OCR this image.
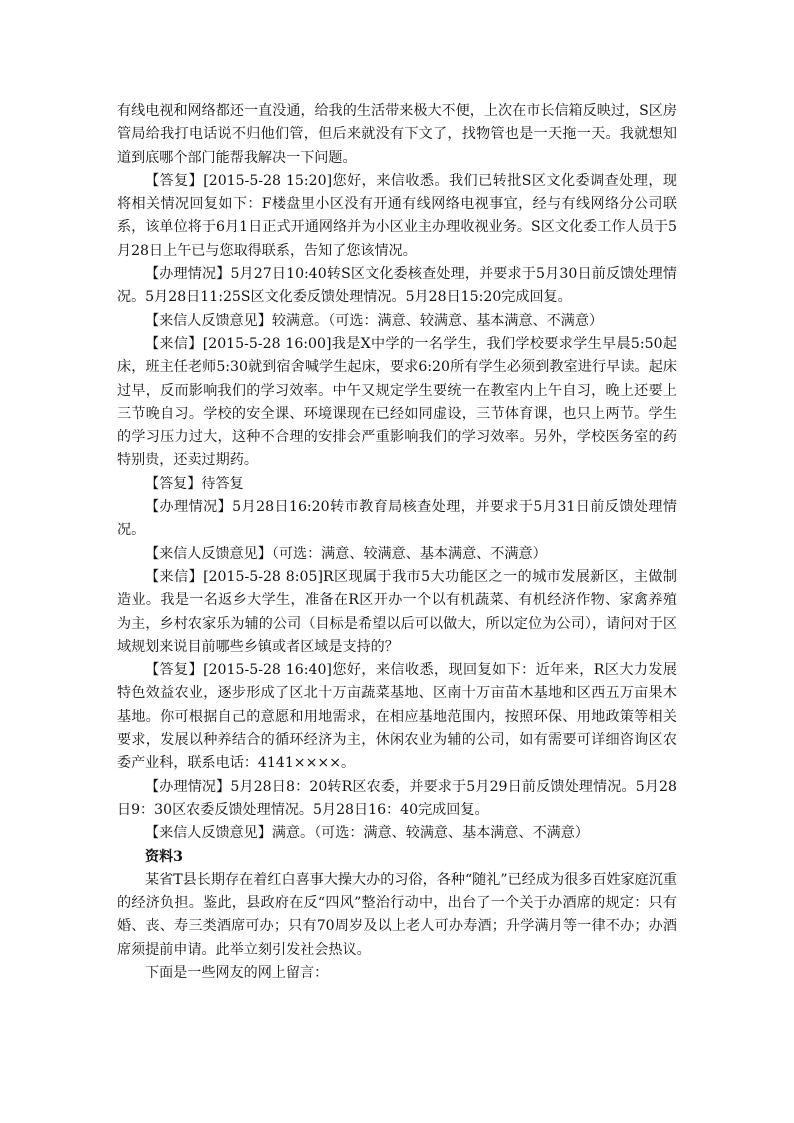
有线电视和网络都还一直没通，给我的生活带来极大不便，上次在市长信箱反映过，S区房管局给我打电话说不归他们管，但后来就没有下文了，找物管也是一天拖一天。我就想知道到底哪个部门能帮我解决一下问题。

【答复】[2015-5-28 15:20]您好，来信收悉。我们已转批S区文化委调查处理，现将相关情况回复如下：F楼盘里小区没有开通有线网络电视事宜，经与有线网络分公司联系，该单位将于6月1日正式开通网络并为小区业主办理收视业务。S区文化委工作人员于5月28日上午已与您取得联系，告知了您该情况。

【办理情况】5月27日10:40转S区文化委核查处理，并要求于5月30日前反馈处理情况。5月28日11:25S区文化委反馈处理情况。5月28日15:20完成回复。

【来信人反馈意见】较满意。（可选：满意、较满意、基本满意、不满意）

【来信】[2015-5-28 16:00]我是X中学的一名学生，我们学校要求学生早晨5:50起床，班主任老师5:30就到宿舍喊学生起床，要求6:20所有学生必须到教室进行早读。起床过早，反而影响我们的学习效率。中午又规定学生要统一在教室内上午自习，晚上还要上三节晚自习。学校的安全课、环境课现在已经如同虚设，三节体育课，也只上两节。学生的学习压力过大，这种不合理的安排会严重影响我们的学习效率。另外，学校医务室的药特别贵，还卖过期药。

【答复】待答复

【办理情况】5月28日16:20转市教育局核查处理，并要求于5月31日前反馈处理情况。

【来信人反馈意见】（可选：满意、较满意、基本满意、不满意）

【来信】[2015-5-28 8:05]R区现属于我市5大功能区之一的城市发展新区，主做制造业。我是一名返乡大学生，准备在R区开办一个以有机蔬菜、有机经济作物、家禽养殖为主，乡村农家乐为辅的公司（目标是希望以后可以做大，所以定位为公司），请问对于区域规划来说目前哪些乡镇或者区域是支持的？

【答复】[2015-5-28 16:40]您好，来信收悉，现回复如下：近年来，R区大力发展特色效益农业，逐步形成了区北十万亩蔬菜基地、区南十万亩苗木基地和区西五万亩果木基地。你可根据自己的意愿和用地需求，在相应基地范围内，按照环保、用地政策等相关要求，发展以种养结合的循环经济为主，休闲农业为辅的公司，如有需要可详细咨询区农委产业科，联系电话：4141××××。

【办理情况】5月28日8：20转R区农委，并要求于5月29日前反馈处理情况。5月28日9：30区农委反馈处理情况。5月28日16：40完成回复。

【来信人反馈意见】满意。（可选：满意、较满意、基本满意、不满意）

资料3

某省T县长期存在着红白喜事大操大办的习俗，各种“随礼”已经成为很多百姓家庭沉重的经济负担。鉴此，县政府在反“四风”整治行动中，出台了一个关于办酒席的规定：只有婚、丧、寿三类酒席可办；只有70周岁及以上老人可办寿酒；升学满月等一律不办；办酒席须提前申请。此举立刻引发社会热议。

下面是一些网友的网上留言：
